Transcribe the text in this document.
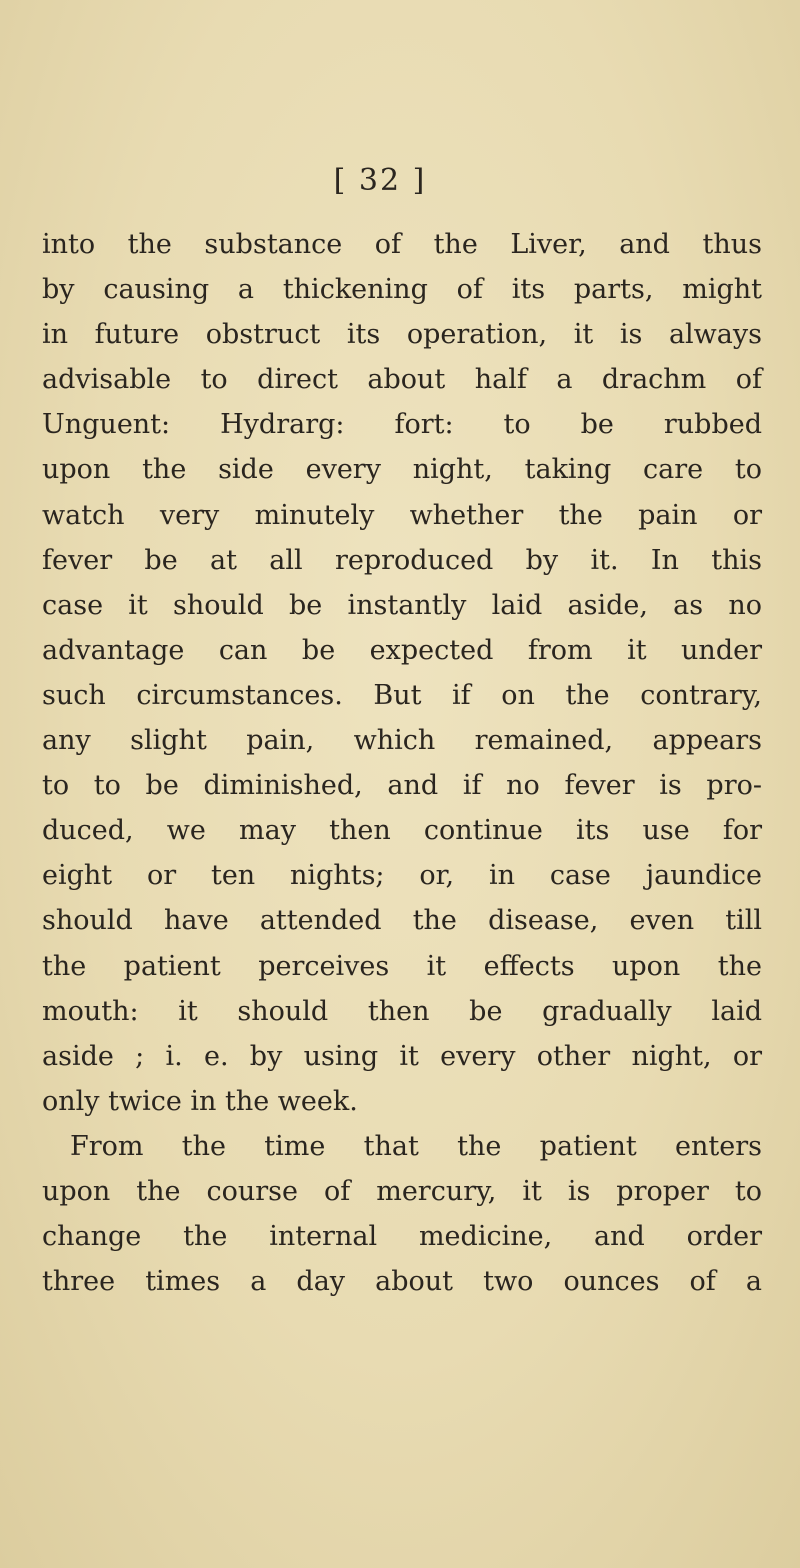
[ 32 ]
into the substance of the Liver, and thus
by causing a thickening of its parts, might
in future obstruct its operation, it is always
advisable to direct about half a drachm of
Unguent: Hydrarg: fort: to be rubbed
upon the side every night, taking care to
watch very minutely whether the pain or
fever be at all reproduced by it. In this
case it should be instantly laid aside, as no
advantage can be expected from it under
such circumstances. But if on the contrary,
any slight pain, which remained, appears
to to be diminished, and if no fever is pro-
duced, we may then continue its use for
eight or ten nights; or, in case jaundice
should have attended the disease, even till
the patient perceives it effects upon the
mouth: it should then be gradually laid
aside ; i. e. by using it every other night, or
only twice in the week.
From the time that the patient enters
upon the course of mercury, it is proper to
change the internal medicine, and order
three times a day about two ounces of a
